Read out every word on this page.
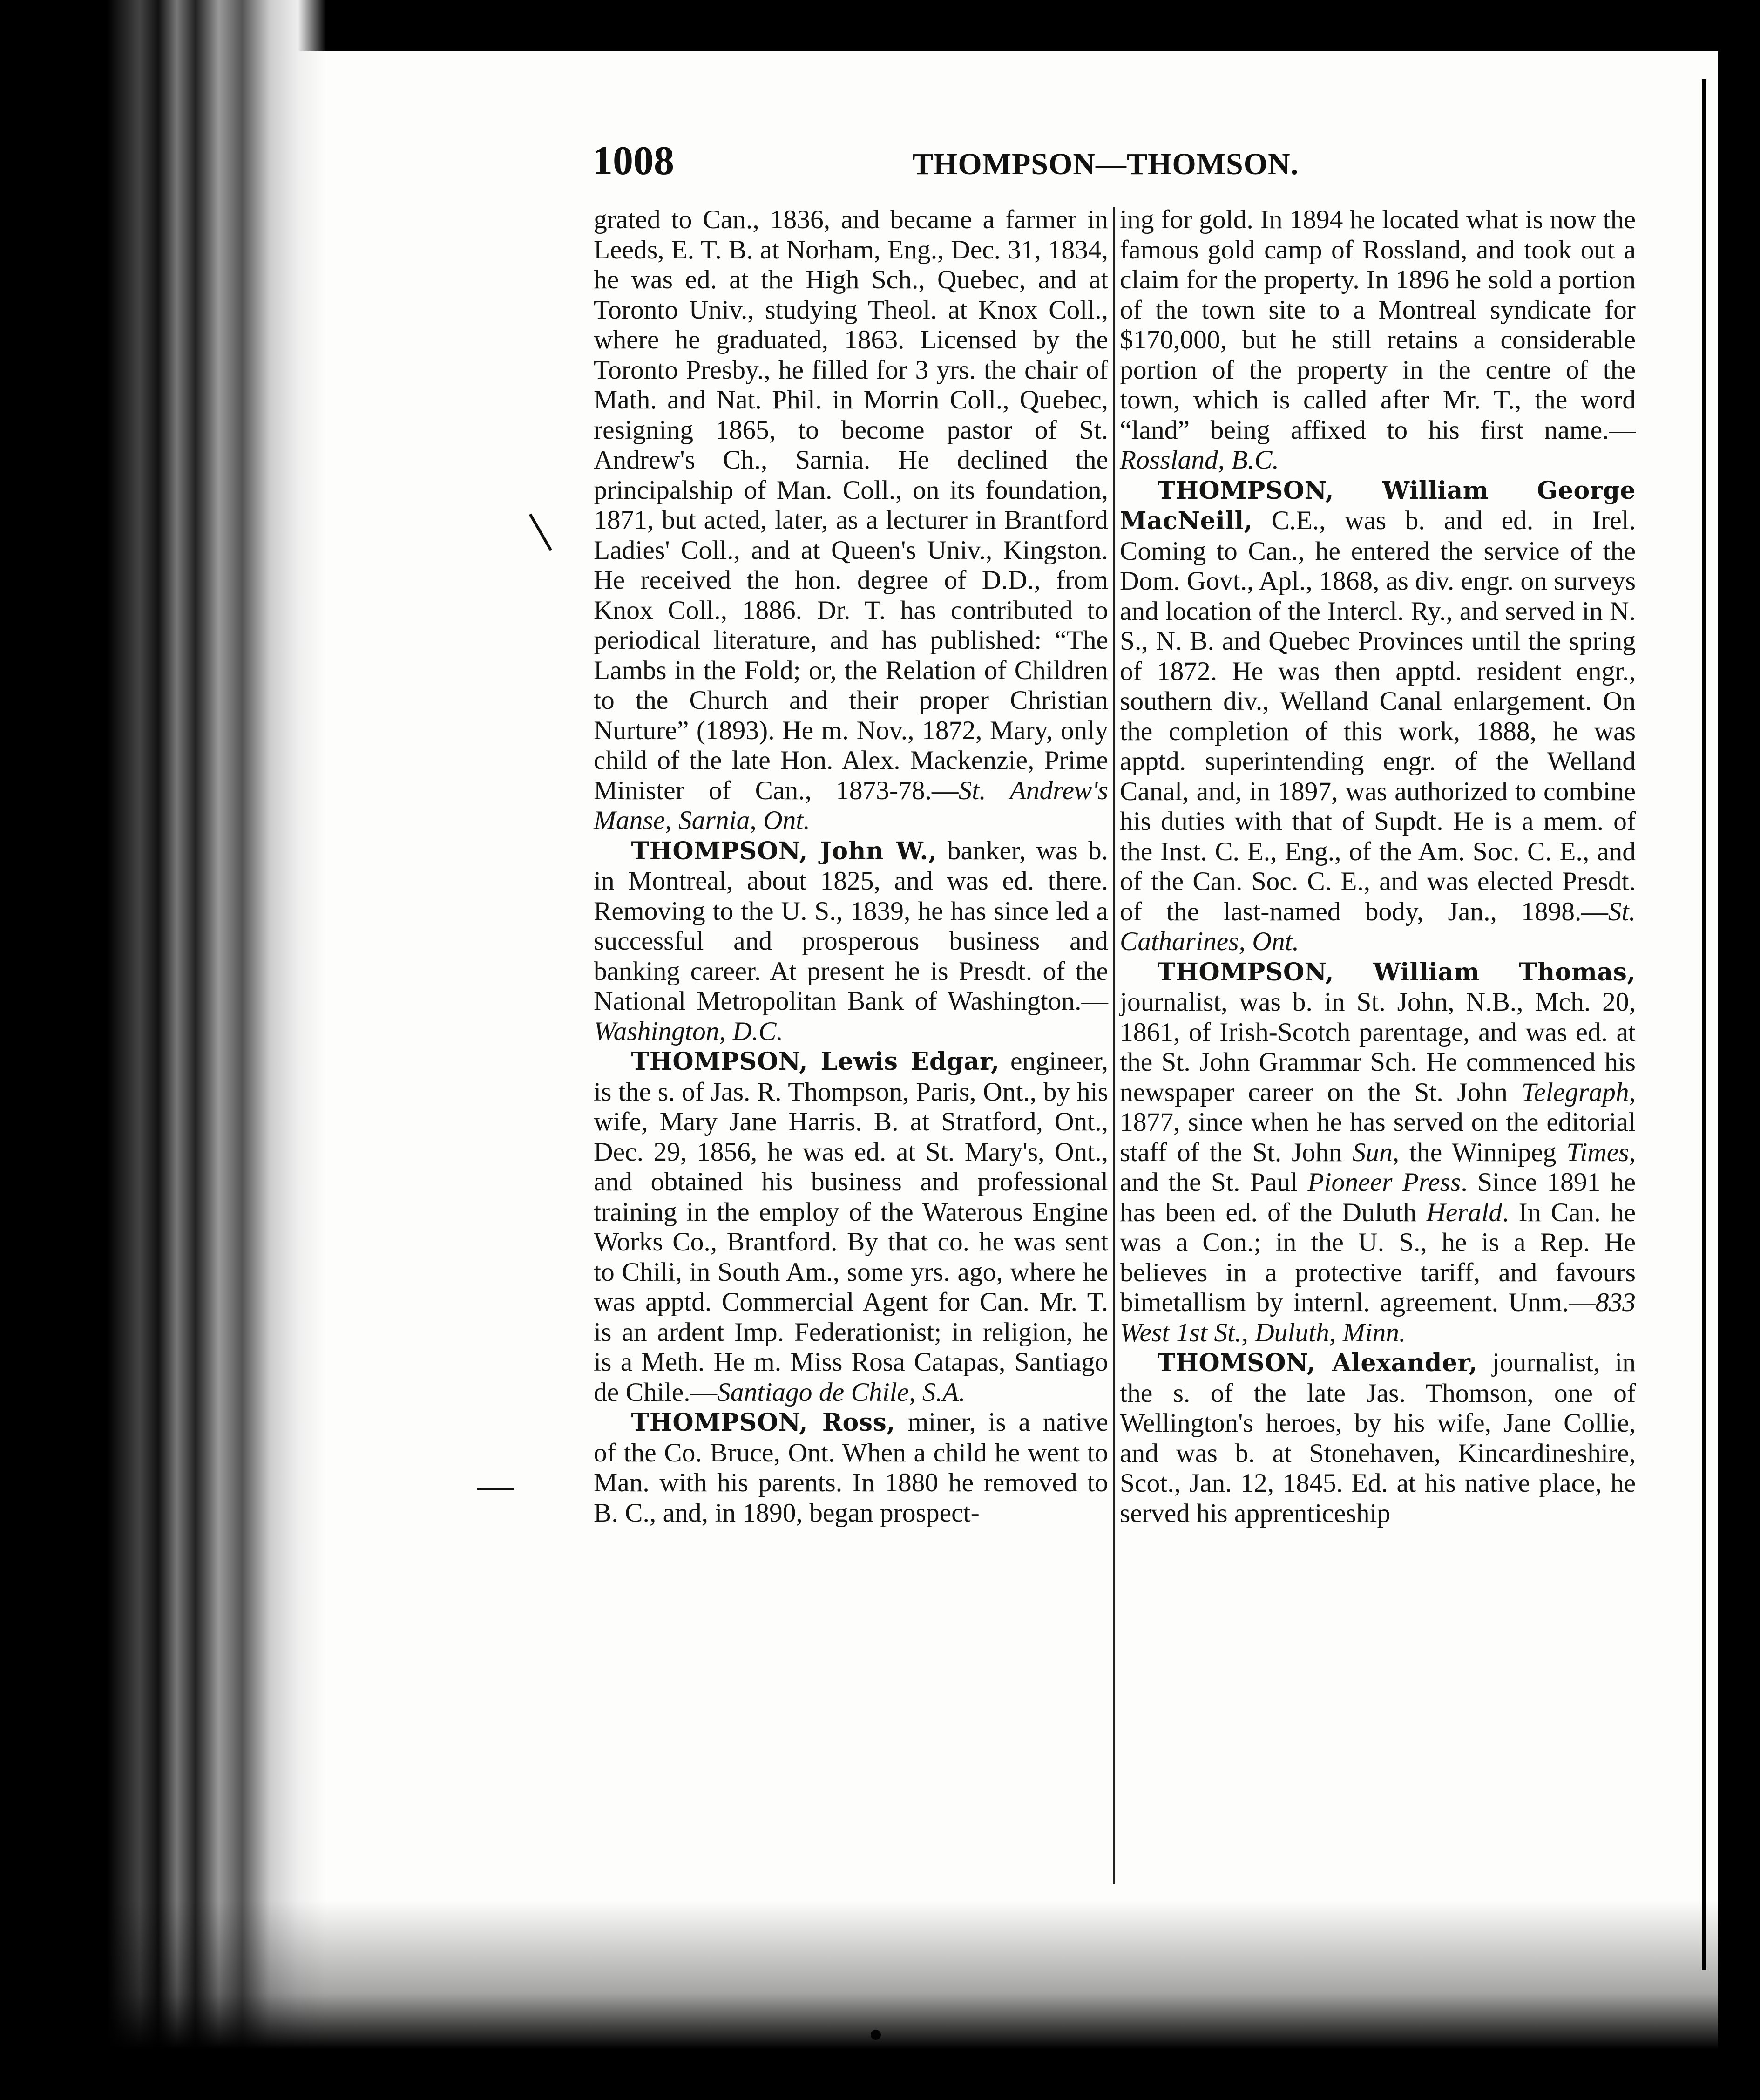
1008	THOMPSON—THOMSON.

grated to Can., 1836, and became a farmer in Leeds, E. T. B. at Norham, Eng., Dec. 31, 1834, he was ed. at the High Sch., Quebec, and at Toronto Univ., studying Theol. at Knox Coll., where he graduated, 1863. Licensed by the Toronto Presby., he filled for 3 yrs. the chair of Math. and Nat. Phil. in Morrin Coll., Quebec, resigning 1865, to become pastor of St. Andrew's Ch., Sarnia. He declined the principalship of Man. Coll., on its foundation, 1871, but acted, later, as a lecturer in Brantford Ladies' Coll., and at Queen's Univ., Kingston. He received the hon. degree of D.D., from Knox Coll., 1886. Dr. T. has contributed to periodical literature, and has published: “The Lambs in the Fold; or, the Relation of Children to the Church and their proper Christian Nurture” (1893). He m. Nov., 1872, Mary, only child of the late Hon. Alex. Mackenzie, Prime Minister of Can., 1873-78.—St. Andrew's Manse, Sarnia, Ont.

THOMPSON, John W., banker, was b. in Montreal, about 1825, and was ed. there. Removing to the U. S., 1839, he has since led a successful and prosperous business and banking career. At present he is Presdt. of the National Metropolitan Bank of Washington.—Washington, D.C.

THOMPSON, Lewis Edgar, engineer, is the s. of Jas. R. Thompson, Paris, Ont., by his wife, Mary Jane Harris. B. at Stratford, Ont., Dec. 29, 1856, he was ed. at St. Mary's, Ont., and obtained his business and professional training in the employ of the Waterous Engine Works Co., Brantford. By that co. he was sent to Chili, in South Am., some yrs. ago, where he was apptd. Commercial Agent for Can. Mr. T. is an ardent Imp. Federationist; in religion, he is a Meth. He m. Miss Rosa Catapas, Santiago de Chile.—Santiago de Chile, S.A.

THOMPSON, Ross, miner, is a native of the Co. Bruce, Ont. When a child he went to Man. with his parents. In 1880 he removed to B. C., and, in 1890, began prospect-

ing for gold. In 1894 he located what is now the famous gold camp of Rossland, and took out a claim for the property. In 1896 he sold a portion of the town site to a Montreal syndicate for $170,000, but he still retains a considerable portion of the property in the centre of the town, which is called after Mr. T., the word “land” being affixed to his first name.—Rossland, B.C.

THOMPSON, William George MacNeill, C.E., was b. and ed. in Irel. Coming to Can., he entered the service of the Dom. Govt., Apl., 1868, as div. engr. on surveys and location of the Intercl. Ry., and served in N. S., N. B. and Quebec Provinces until the spring of 1872. He was then apptd. resident engr., southern div., Welland Canal enlargement. On the completion of this work, 1888, he was apptd. superintending engr. of the Welland Canal, and, in 1897, was authorized to combine his duties with that of Supdt. He is a mem. of the Inst. C. E., Eng., of the Am. Soc. C. E., and of the Can. Soc. C. E., and was elected Presdt. of the last-named body, Jan., 1898.—St. Catharines, Ont.

THOMPSON, William Thomas, journalist, was b. in St. John, N.B., Mch. 20, 1861, of Irish-Scotch parentage, and was ed. at the St. John Grammar Sch. He commenced his newspaper career on the St. John Telegraph, 1877, since when he has served on the editorial staff of the St. John Sun, the Winnipeg Times, and the St. Paul Pioneer Press. Since 1891 he has been ed. of the Duluth Herald. In Can. he was a Con.; in the U. S., he is a Rep. He believes in a protective tariff, and favours bimetallism by internl. agreement. Unm.—833 West 1st St., Duluth, Minn.

THOMSON, Alexander, journalist, in the s. of the late Jas. Thomson, one of Wellington's heroes, by his wife, Jane Collie, and was b. at Stonehaven, Kincardineshire, Scot., Jan. 12, 1845. Ed. at his native place, he served his apprenticeship
